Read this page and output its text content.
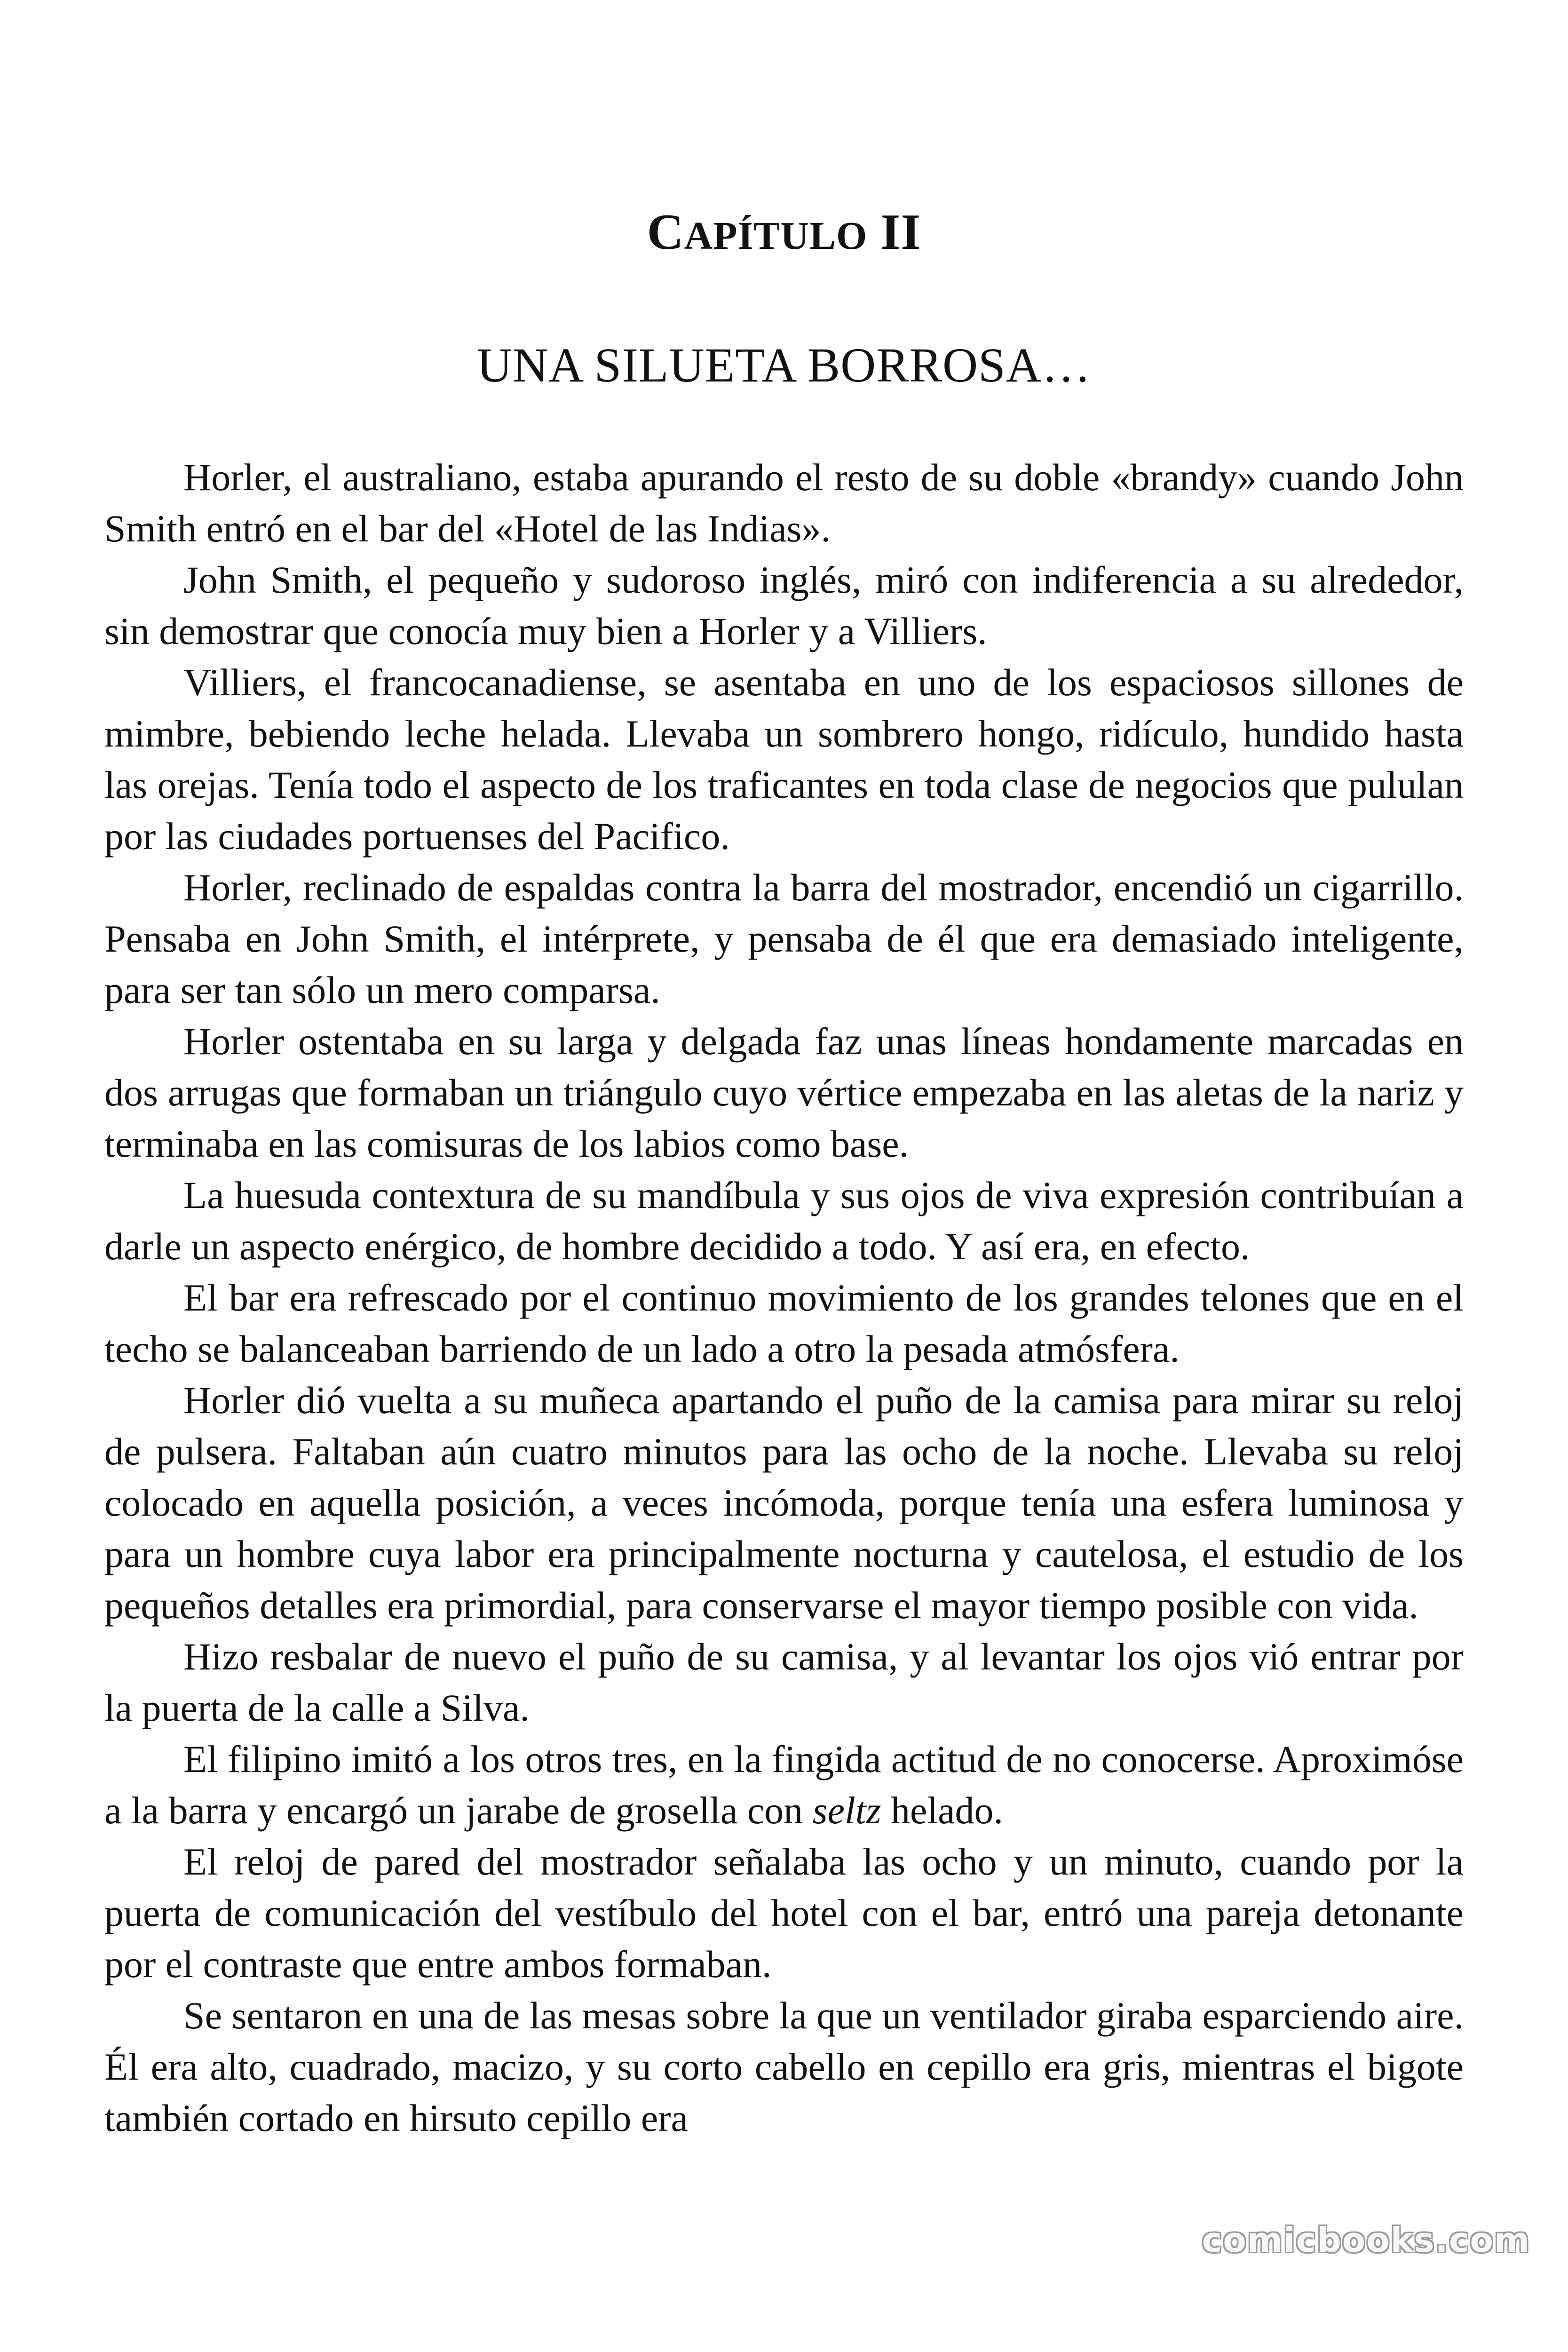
CAPÍTULO II
UNA SILUETA BORROSA…

Horler, el australiano, estaba apurando el resto de su doble «brandy» cuando John Smith entró en el bar del «Hotel de las Indias».

John Smith, el pequeño y sudoroso inglés, miró con indiferencia a su alrededor, sin demostrar que conocía muy bien a Horler y a Villiers.

Villiers, el francocanadiense, se asentaba en uno de los espaciosos sillones de mimbre, bebiendo leche helada. Llevaba un sombrero hongo, ridículo, hundido hasta las orejas. Tenía todo el aspecto de los traficantes en toda clase de negocios que pululan por las ciudades portuenses del Pacifico.

Horler, reclinado de espaldas contra la barra del mostrador, encendió un cigarrillo. Pensaba en John Smith, el intérprete, y pensaba de él que era demasiado inteligente, para ser tan sólo un mero comparsa.

Horler ostentaba en su larga y delgada faz unas líneas hondamente marcadas en dos arrugas que formaban un triángulo cuyo vértice empezaba en las aletas de la nariz y terminaba en las comisuras de los labios como base.

La huesuda contextura de su mandíbula y sus ojos de viva expresión contribuían a darle un aspecto enérgico, de hombre decidido a todo. Y así era, en efecto.

El bar era refrescado por el continuo movimiento de los grandes telones que en el techo se balanceaban barriendo de un lado a otro la pesada atmósfera.

Horler dió vuelta a su muñeca apartando el puño de la camisa para mirar su reloj de pulsera. Faltaban aún cuatro minutos para las ocho de la noche. Llevaba su reloj colocado en aquella posición, a veces incómoda, porque tenía una esfera luminosa y para un hombre cuya labor era principalmente nocturna y cautelosa, el estudio de los pequeños detalles era primordial, para conservarse el mayor tiempo posible con vida.

Hizo resbalar de nuevo el puño de su camisa, y al levantar los ojos vió entrar por la puerta de la calle a Silva.

El filipino imitó a los otros tres, en la fingida actitud de no conocerse. Aproximóse a la barra y encargó un jarabe de grosella con seltz helado.

El reloj de pared del mostrador señalaba las ocho y un minuto, cuando por la puerta de comunicación del vestíbulo del hotel con el bar, entró una pareja detonante por el contraste que entre ambos formaban.

Se sentaron en una de las mesas sobre la que un ventilador giraba esparciendo aire. Él era alto, cuadrado, macizo, y su corto cabello en cepillo era gris, mientras el bigote también cortado en hirsuto cepillo era

comicbooks.com
